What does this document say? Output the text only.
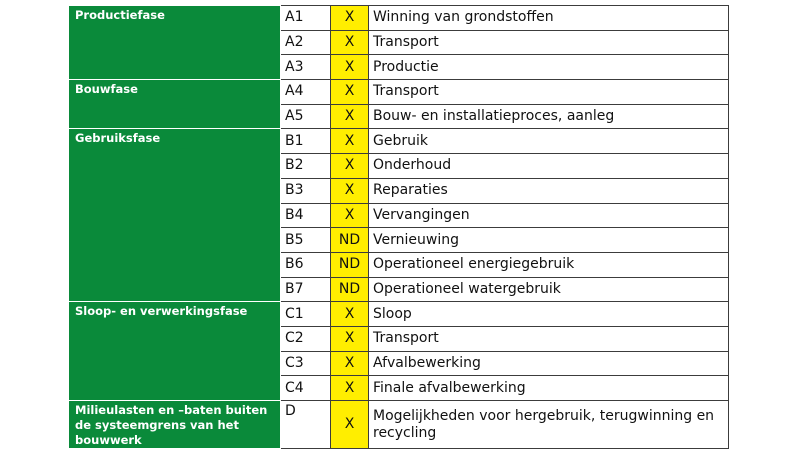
Productiefase	A1	X	Winning van grondstoffen
	A2	X	Transport
	A3	X	Productie
Bouwfase	A4	X	Transport
	A5	X	Bouw- en installatieproces, aanleg
Gebruiksfase	B1	X	Gebruik
	B2	X	Onderhoud
	B3	X	Reparaties
	B4	X	Vervangingen
	B5	ND	Vernieuwing
	B6	ND	Operationeel energiegebruik
	B7	ND	Operationeel watergebruik
Sloop- en verwerkingsfase	C1	X	Sloop
	C2	X	Transport
	C3	X	Afvalbewerking
	C4	X	Finale afvalbewerking
Milieulasten en –baten buiten de systeemgrens van het bouwwerk	D	X	Mogelijkheden voor hergebruik, terugwinning en recycling
